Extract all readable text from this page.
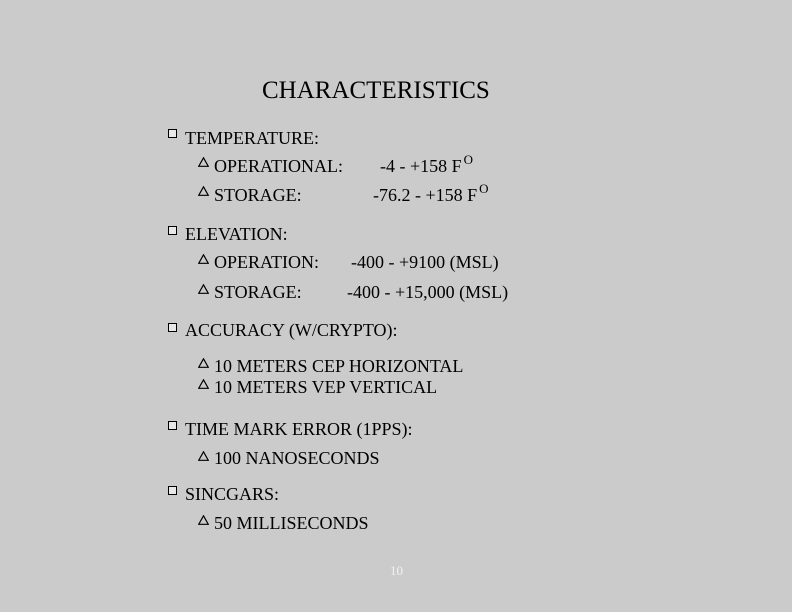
CHARACTERISTICS
TEMPERATURE:
OPERATIONAL: -4 - +158 F $^O$
STORAGE:	-76.2 - +158 F $^O$
ELEVATION:
OPERATION: -400 - +9100 (MSL)
STORAGE:	-400 - +15,000 (MSL)
ACCURACY (W/CRYPTO):
10 METERS CEP HORIZONTAL
10 METERS VEP VERTICAL
TIME MARK ERROR (1PPS):
100 NANOSECONDS
SINCGARS:
50 MILLISECONDS
10
